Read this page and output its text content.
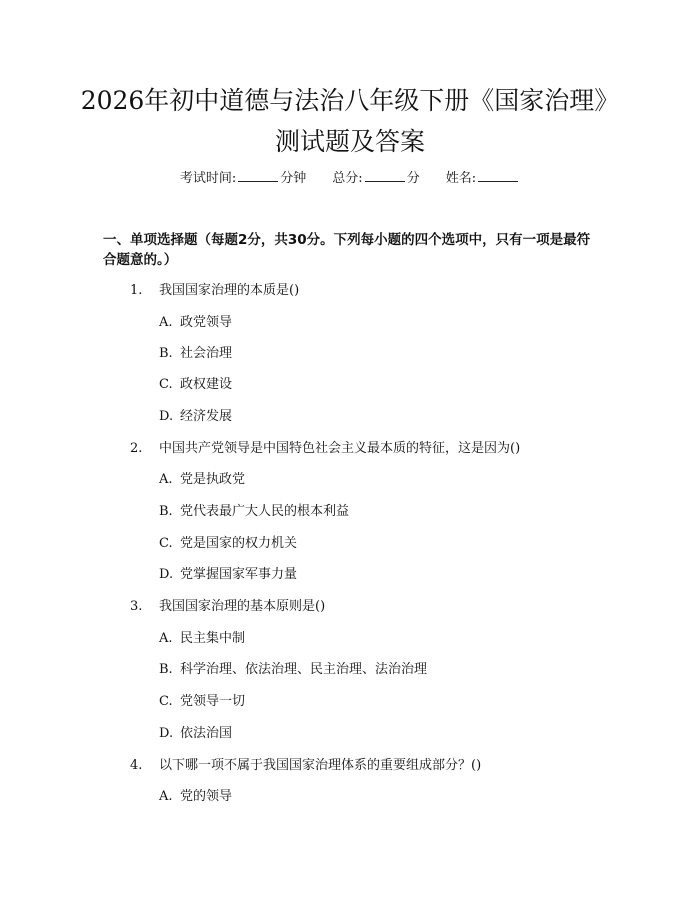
2026年初中道德与法治八年级下册《国家治理》测试题及答案
考试时间:	分钟 总分:	分 姓名:
一、单项选择题（每题2分，共30分。下列每小题的四个选项中，只有一项是最符合题意的。）
1. 我国国家治理的本质是()
A. 政党领导
B. 社会治理
C. 政权建设
D. 经济发展
2. 中国共产党领导是中国特色社会主义最本质的特征，这是因为()
A. 党是执政党
B. 党代表最广大人民的根本利益
C. 党是国家的权力机关
D. 党掌握国家军事力量
3. 我国国家治理的基本原则是()
A. 民主集中制
B. 科学治理、依法治理、民主治理、法治治理
C. 党领导一切
D. 依法治国
4. 以下哪一项不属于我国国家治理体系的重要组成部分？()
A. 党的领导
